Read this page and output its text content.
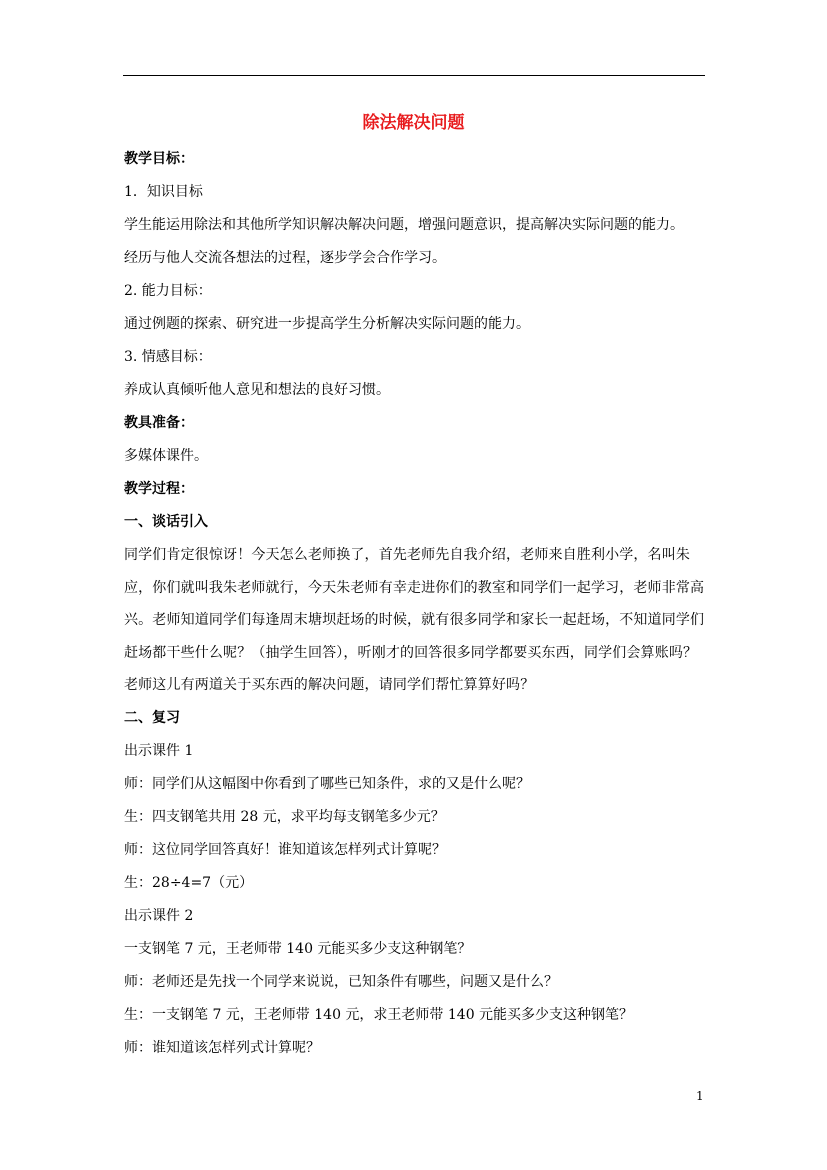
除法解决问题

教学目标：

1．知识目标

学生能运用除法和其他所学知识解决解决问题，增强问题意识，提高解决实际问题的能力。

经历与他人交流各想法的过程，逐步学会合作学习。

2. 能力目标：

通过例题的探索、研究进一步提高学生分析解决实际问题的能力。

3. 情感目标：

养成认真倾听他人意见和想法的良好习惯。

教具准备：

多媒体课件。

教学过程：

一、谈话引入

同学们肯定很惊讶！今天怎么老师换了，首先老师先自我介绍，老师来自胜利小学，名叫朱应，你们就叫我朱老师就行，今天朱老师有幸走进你们的教室和同学们一起学习，老师非常高兴。老师知道同学们每逢周末塘坝赶场的时候，就有很多同学和家长一起赶场，不知道同学们赶场都干些什么呢？（抽学生回答），听刚才的回答很多同学都要买东西，同学们会算账吗？老师这儿有两道关于买东西的解决问题，请同学们帮忙算算好吗？

二、复习

出示课件 1

师：同学们从这幅图中你看到了哪些已知条件，求的又是什么呢？

生：四支钢笔共用 28 元，求平均每支钢笔多少元？

师：这位同学回答真好！谁知道该怎样列式计算呢？

生：28÷4=7（元）

出示课件 2

一支钢笔 7 元，王老师带 140 元能买多少支这种钢笔？

师：老师还是先找一个同学来说说，已知条件有哪些，问题又是什么？

生：一支钢笔 7 元，王老师带 140 元，求王老师带 140 元能买多少支这种钢笔？

师：谁知道该怎样列式计算呢？

1
